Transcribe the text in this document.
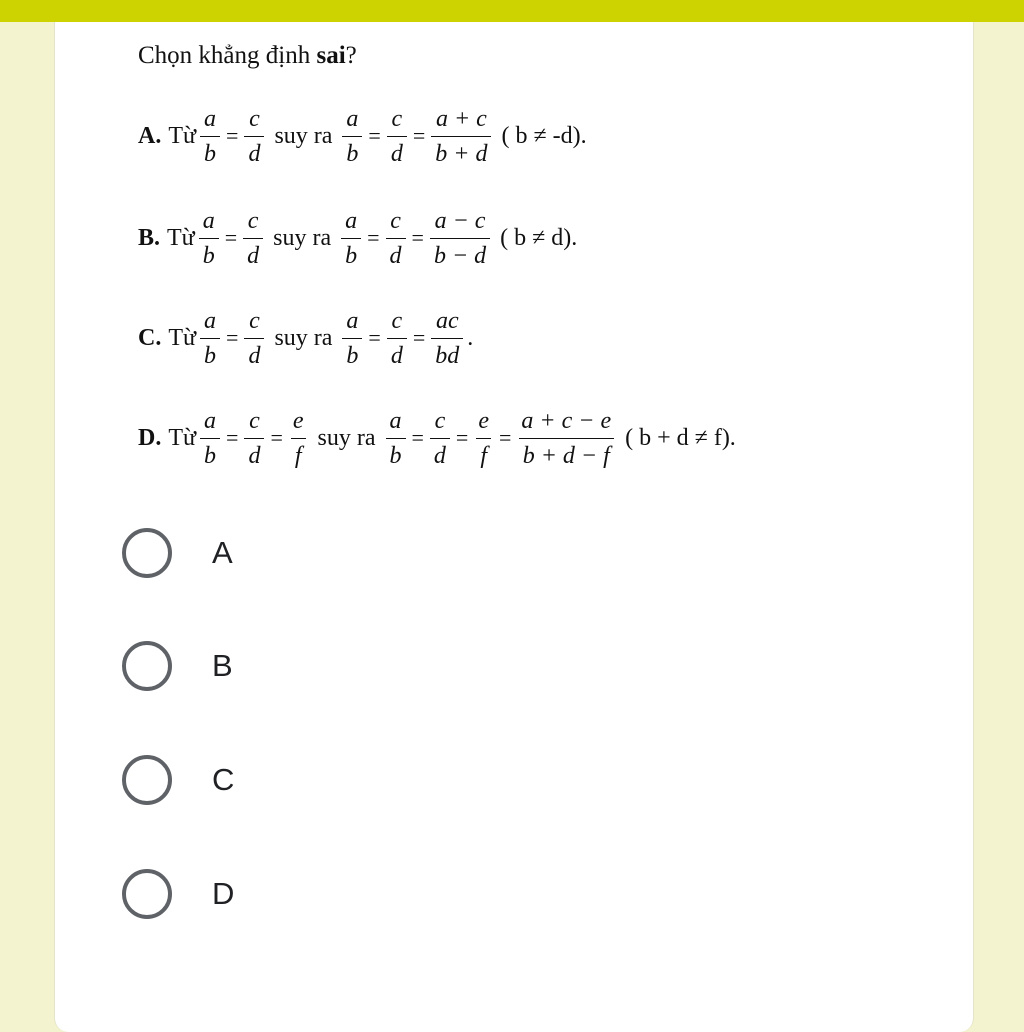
Chọn khẳng định sai?
A. Từ $\frac{a}{b} = \frac{c}{d}$ suy ra $\frac{a}{b} = \frac{c}{d} = \frac{a + c}{b + d}$ ( b ≠ -d).
B. Từ $\frac{a}{b} = \frac{c}{d}$ suy ra $\frac{a}{b} = \frac{c}{d} = \frac{a - c}{b - d}$ ( b ≠ d).
C. Từ $\frac{a}{b} = \frac{c}{d}$ suy ra $\frac{a}{b} = \frac{c}{d} = \frac{ac}{bd}$ .
D. Từ $\frac{a}{b} = \frac{c}{d} = \frac{e}{f}$ suy ra $\frac{a}{b} = \frac{c}{d} = \frac{e}{f} = \frac{a + c - e}{b + d - f}$ ( b + d ≠ f).
A
B
C
D
